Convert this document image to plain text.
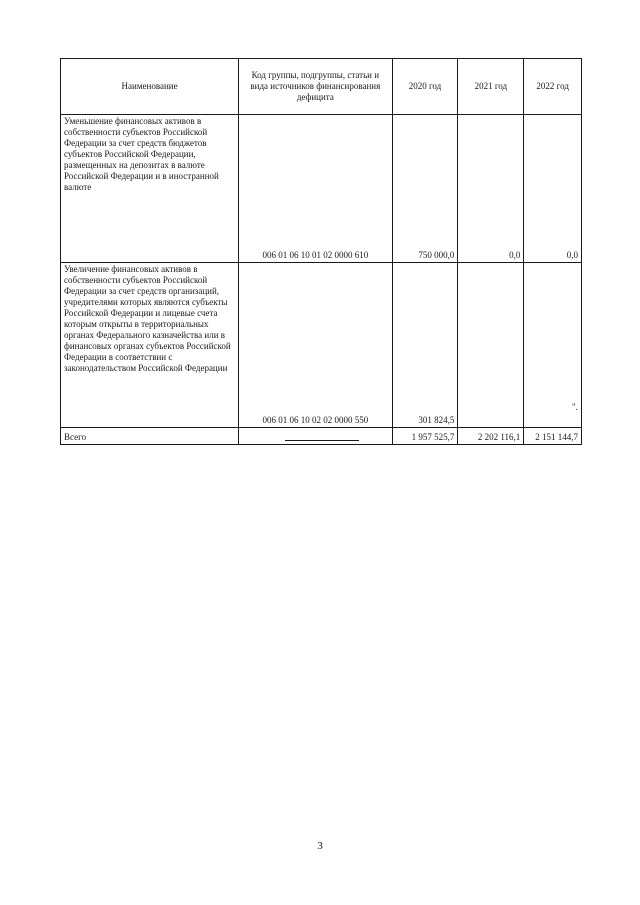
Наименование	Код группы, подгруппы, статьи и вида источников финансирования дефицита	2020 год	2021 год	2022 год
Уменьшение финансовых активов в собственности субъектов Российской Федерации за счет средств бюджетов субъектов Российской Федерации, размещенных на депозитах в валюте Российской Федерации и в иностранной валюте	006 01 06 10 01 02 0000 610	750 000,0	0,0	0,0
Увеличение финансовых активов в собственности субъектов Российской Федерации за счет средств организаций, учредителями которых являются субъекты Российской Федерации и лицевые счета которым открыты в территориальных органах Федерального казначейства или в финансовых органах субъектов Российской Федерации в соответствии с законодательством Российской Федерации	006 01 06 10 02 02 0000 550	301 824,5		
Всего		1 957 525,7	2 202 116,1	2 151 144,7
".
3
